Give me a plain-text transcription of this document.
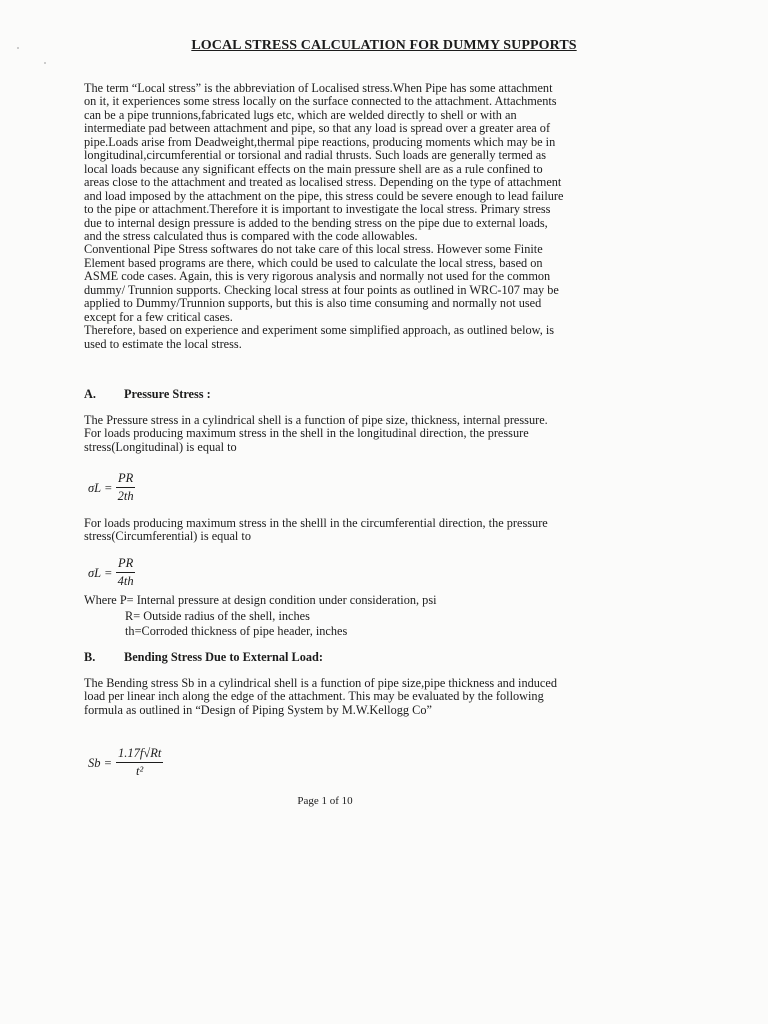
LOCAL STRESS CALCULATION FOR DUMMY SUPPORTS

The term “Local stress” is the abbreviation of Localised stress.When Pipe has some attachment on it, it experiences some stress locally on the surface connected to the attachment. Attachments can be a pipe trunnions,fabricated lugs etc, which are welded directly to shell or with an intermediate pad between attachment and pipe, so that any load is spread over a greater area of pipe.Loads arise from Deadweight,thermal pipe reactions, producing moments which may be in longitudinal,circumferential or torsional and radial thrusts. Such loads are generally termed as local loads because any significant effects on the main pressure shell are as a rule confined to areas close to the attachment and treated as localised stress. Depending on the type of attachment and load imposed by the attachment on the pipe, this stress could be severe enough to lead failure to the pipe or attachment.Therefore it is important to investigate the local stress. Primary stress due to internal design pressure is added to the bending stress on the pipe due to external loads, and the stress calculated thus is compared with the code allowables.

Conventional Pipe Stress softwares do not take care of this local stress. However some Finite Element based programs are there, which could be used to calculate the local stress, based on ASME code cases. Again, this is very rigorous analysis and normally not used for the common dummy/ Trunnion supports. Checking local stress at four points as outlined in WRC-107 may be applied to Dummy/Trunnion supports, but this is also time consuming and normally not used except for a few critical cases.

Therefore, based on experience and experiment some simplified approach, as outlined below, is used to estimate the local stress.

A. Pressure Stress :

The Pressure stress in a cylindrical shell is a function of pipe size, thickness, internal pressure. For loads producing maximum stress in the shell in the longitudinal direction, the pressure stress(Longitudinal) is equal to

σL =
PR
2th

For loads producing maximum stress in the shelll in the circumferential direction, the pressure stress(Circumferential) is equal to

σL =
PR
4th
Where P= Internal pressure at design condition under consideration, psi
R= Outside radius of the shell, inches
th=Corroded thickness of pipe header, inches
B. Bending Stress Due to External Load:

The Bending stress Sb in a cylindrical shell is a function of pipe size,pipe thickness and induced load per linear inch along the edge of the attachment. This may be evaluated by the following formula as outlined in “Design of Piping System by M.W.Kellogg Co”

Sb =
1.17f√Rt
t²

Page 1 of 10
